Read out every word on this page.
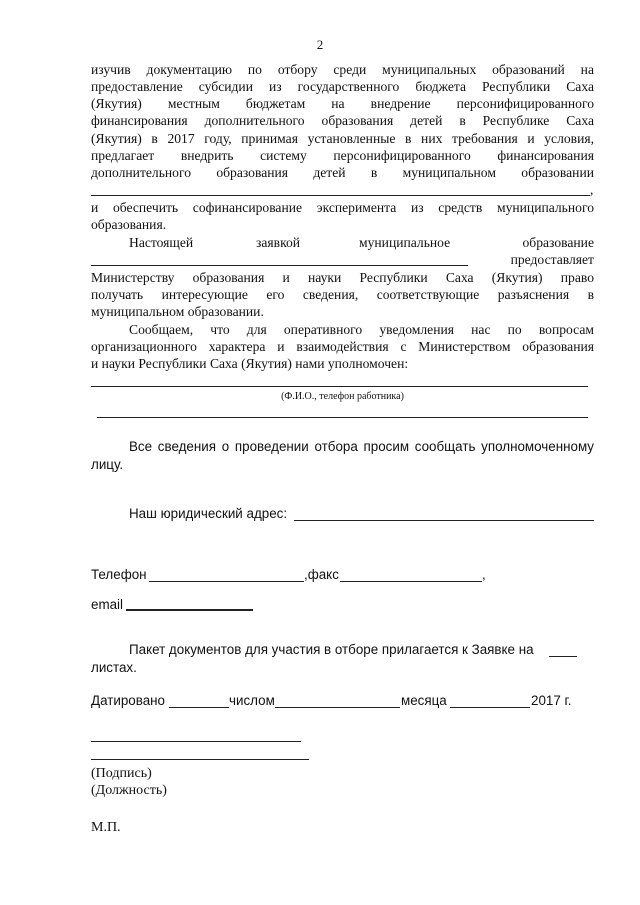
2
изучив документацию по отбору среди муниципальных образований на
предоставление субсидии из государственного бюджета Республики Саха
(Якутия) местным бюджетам на внедрение персонифицированного
финансирования дополнительного образования детей в Республике Саха
(Якутия) в 2017 году, принимая установленные в них требования и условия,
предлагает внедрить систему персонифицированного финансирования
дополнительного образования детей в муниципальном образовании
,
и обеспечить софинансирование эксперимента из средств муниципального
образования.
Настоящей	заявкой	муниципальное	образование
предоставляет
Министерству образования и науки Республики Саха (Якутия) право
получать интересующие его сведения, соответствующие разъяснения в
муниципальном образовании.
Сообщаем, что для оперативного уведомления нас по вопросам
организационного характера и взаимодействия с Министерством образования
и науки Республики Саха (Якутия) нами уполномочен:
(Ф.И.О., телефон работника)
Все сведения о проведении отбора просим сообщать уполномоченному
лицу.
Наш юридический адрес:
Телефон	,факс	,
email
Пакет документов для участия в отборе прилагается к Заявке на
листах.
Датировано	числом	месяца	2017 г.
(Подпись)
(Должность)
М.П.
